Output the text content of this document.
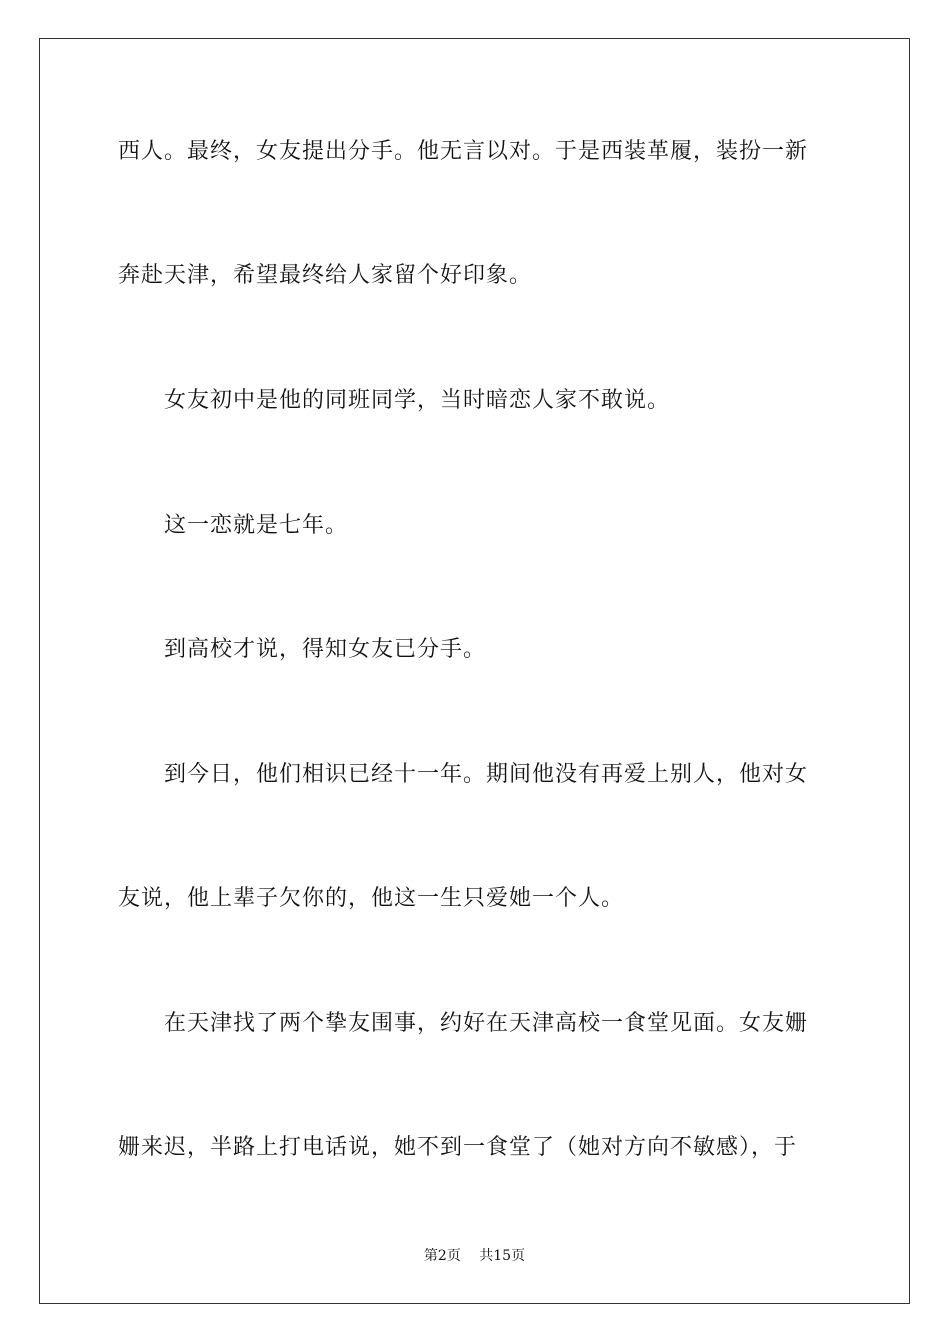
西人。最终，女友提出分手。他无言以对。于是西装革履，装扮一新
奔赴天津，希望最终给人家留个好印象。
女友初中是他的同班同学，当时暗恋人家不敢说。
这一恋就是七年。
到高校才说，得知女友已分手。
到今日，他们相识已经十一年。期间他没有再爱上别人，他对女
友说，他上辈子欠你的，他这一生只爱她一个人。
在天津找了两个挚友围事，约好在天津高校一食堂见面。女友姗
姗来迟，半路上打电话说，她不到一食堂了（她对方向不敏感），于
第2页　 共15页
